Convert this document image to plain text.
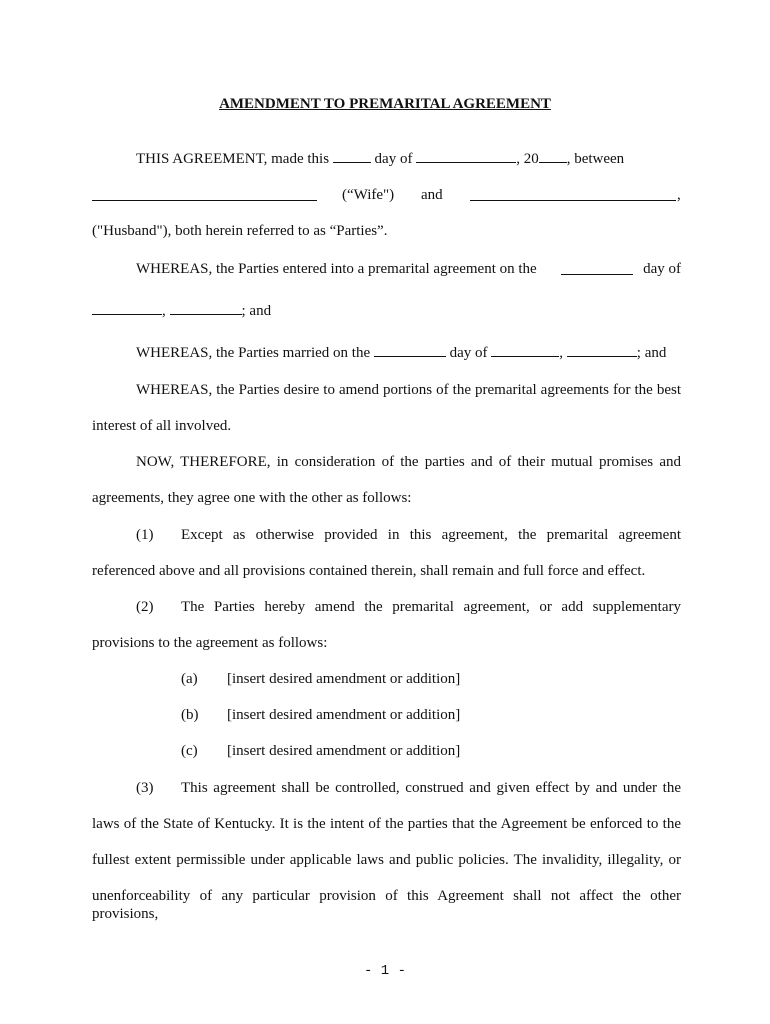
AMENDMENT TO PREMARITAL AGREEMENT
THIS AGREEMENT, made this	day of	, 20 , between
(“Wife") and	,
("Husband"), both herein referred to as “Parties”.
WHEREAS, the Parties entered into a premarital agreement on the	day of
,	; and
WHEREAS, the Parties married on the	day of	,	; and
WHEREAS, the Parties desire to amend portions of the premarital agreements for the best
interest of all involved.
NOW, THEREFORE, in consideration of the parties and of their mutual promises and
agreements, they agree one with the other as follows:
(1) Except as otherwise provided in this agreement, the premarital agreement
referenced above and all provisions contained therein, shall remain and full force and effect.
(2) The Parties hereby amend the premarital agreement, or add supplementary
provisions to the agreement as follows:
(a) [insert desired amendment or addition]
(b) [insert desired amendment or addition]
(c) [insert desired amendment or addition]
(3) This agreement shall be controlled, construed and given effect by and under the
laws of the State of Kentucky. It is the intent of the parties that the Agreement be enforced to the
fullest extent permissible under applicable laws and public policies. The invalidity, illegality, or
unenforceability of any particular provision of this Agreement shall not affect the other provisions,
- 1 -
